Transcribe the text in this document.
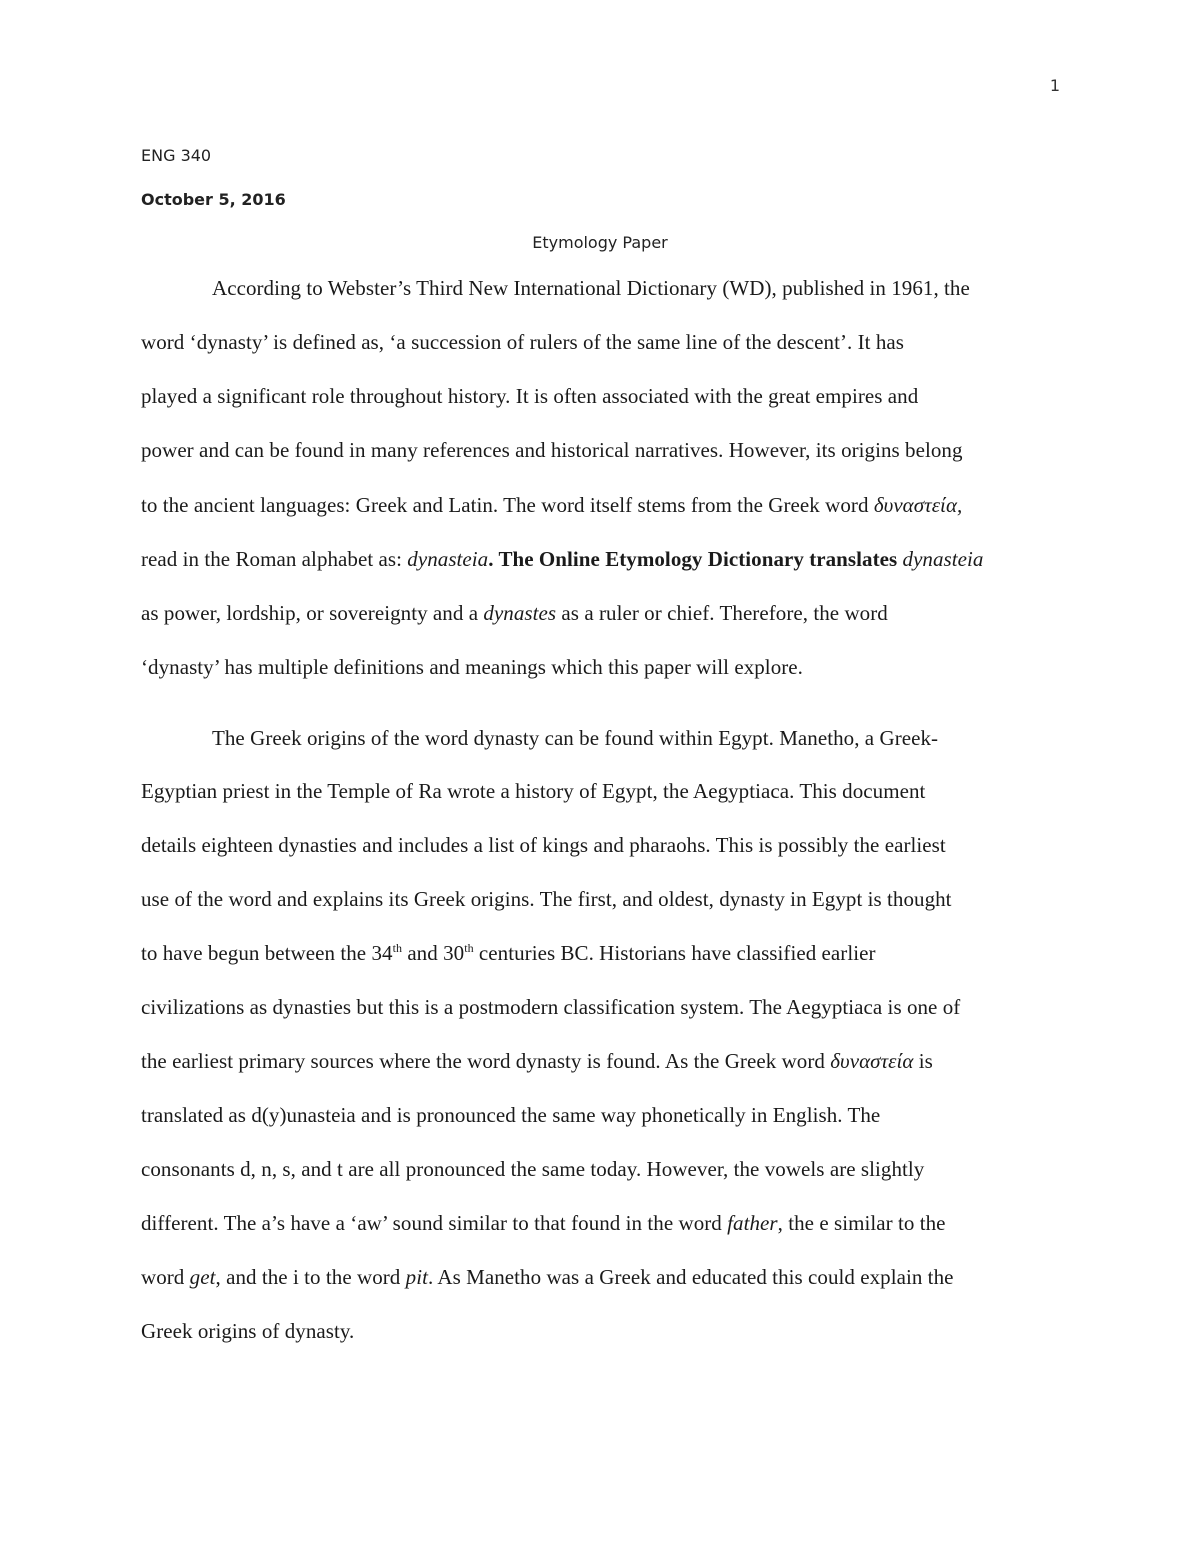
1
ENG 340
October 5, 2016
Etymology Paper
According to Webster’s Third New International Dictionary (WD), published in 1961, the
word ‘dynasty’ is defined as, ‘a succession of rulers of the same line of the descent’. It has
played a significant role throughout history. It is often associated with the great empires and
power and can be found in many references and historical narratives. However, its origins belong
to the ancient languages: Greek and Latin. The word itself stems from the Greek word δυναστεία,
read in the Roman alphabet as: dynasteia. The Online Etymology Dictionary translates dynasteia
as power, lordship, or sovereignty and a dynastes as a ruler or chief. Therefore, the word
‘dynasty’ has multiple definitions and meanings which this paper will explore.
The Greek origins of the word dynasty can be found within Egypt. Manetho, a Greek-
Egyptian priest in the Temple of Ra wrote a history of Egypt, the Aegyptiaca. This document
details eighteen dynasties and includes a list of kings and pharaohs. This is possibly the earliest
use of the word and explains its Greek origins. The first, and oldest, dynasty in Egypt is thought
to have begun between the 34th and 30th centuries BC. Historians have classified earlier
civilizations as dynasties but this is a postmodern classification system. The Aegyptiaca is one of
the earliest primary sources where the word dynasty is found. As the Greek word δυναστεία is
translated as d(y)unasteia and is pronounced the same way phonetically in English. The
consonants d, n, s, and t are all pronounced the same today. However, the vowels are slightly
different. The a’s have a ‘aw’ sound similar to that found in the word father, the e similar to the
word get, and the i to the word pit. As Manetho was a Greek and educated this could explain the
Greek origins of dynasty.
